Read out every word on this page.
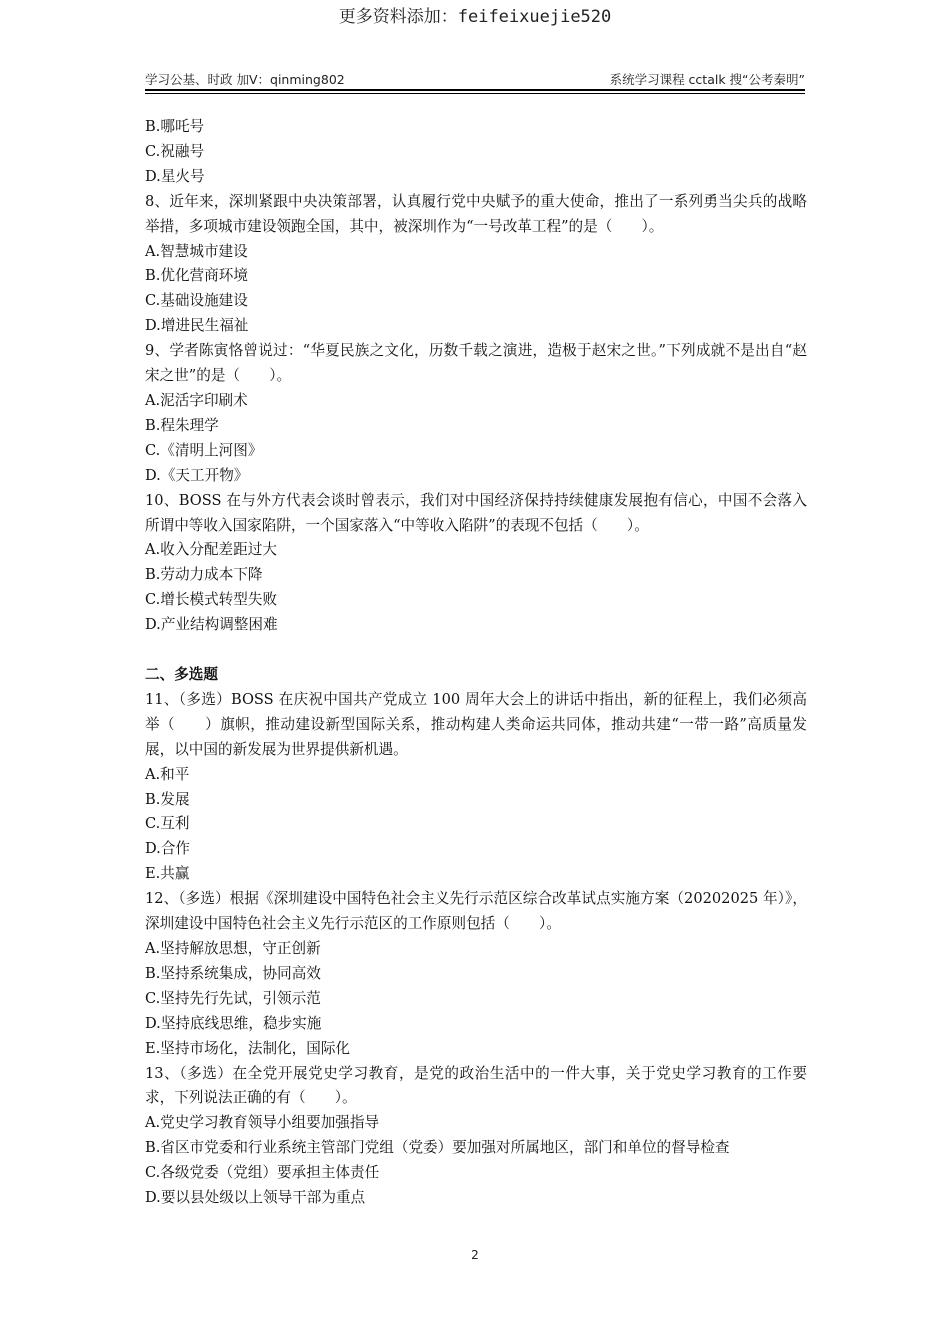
更多资料添加：feifeixuejie520
学习公基、时政 加V：qinming802	系统学习课程 cctalk 搜“公考秦明”

B.哪吒号

C.祝融号

D.星火号

8、近年来，深圳紧跟中央决策部署，认真履行党中央赋予的重大使命，推出了一系列勇当尖兵的战略举措，多项城市建设领跑全国，其中，被深圳作为“一号改革工程”的是（　　）。

A.智慧城市建设

B.优化营商环境

C.基础设施建设

D.增进民生福祉

9、学者陈寅恪曾说过：“华夏民族之文化，历数千载之演进，造极于赵宋之世。”下列成就不是出自“赵宋之世”的是（　　）。

A.泥活字印刷术

B.程朱理学

C.《清明上河图》

D.《天工开物》

10、BOSS 在与外方代表会谈时曾表示，我们对中国经济保持持续健康发展抱有信心，中国不会落入所谓中等收入国家陷阱，一个国家落入“中等收入陷阱”的表现不包括（　　）。

A.收入分配差距过大

B.劳动力成本下降

C.增长模式转型失败

D.产业结构调整困难

二、多选题

11、（多选）BOSS 在庆祝中国共产党成立 100 周年大会上的讲话中指出，新的征程上，我们必须高举（　　）旗帜，推动建设新型国际关系，推动构建人类命运共同体，推动共建“一带一路”高质量发展，以中国的新发展为世界提供新机遇。

A.和平

B.发展

C.互利

D.合作

E.共赢

12、（多选）根据《深圳建设中国特色社会主义先行示范区综合改革试点实施方案（20202025 年）》，深圳建设中国特色社会主义先行示范区的工作原则包括（　　）。

A.坚持解放思想，守正创新

B.坚持系统集成，协同高效

C.坚持先行先试，引领示范

D.坚持底线思维，稳步实施

E.坚持市场化，法制化，国际化

13、（多选）在全党开展党史学习教育，是党的政治生活中的一件大事，关于党史学习教育的工作要求，下列说法正确的有（　　）。

A.党史学习教育领导小组要加强指导

B.省区市党委和行业系统主管部门党组（党委）要加强对所属地区，部门和单位的督导检查

C.各级党委（党组）要承担主体责任

D.要以县处级以上领导干部为重点

2
